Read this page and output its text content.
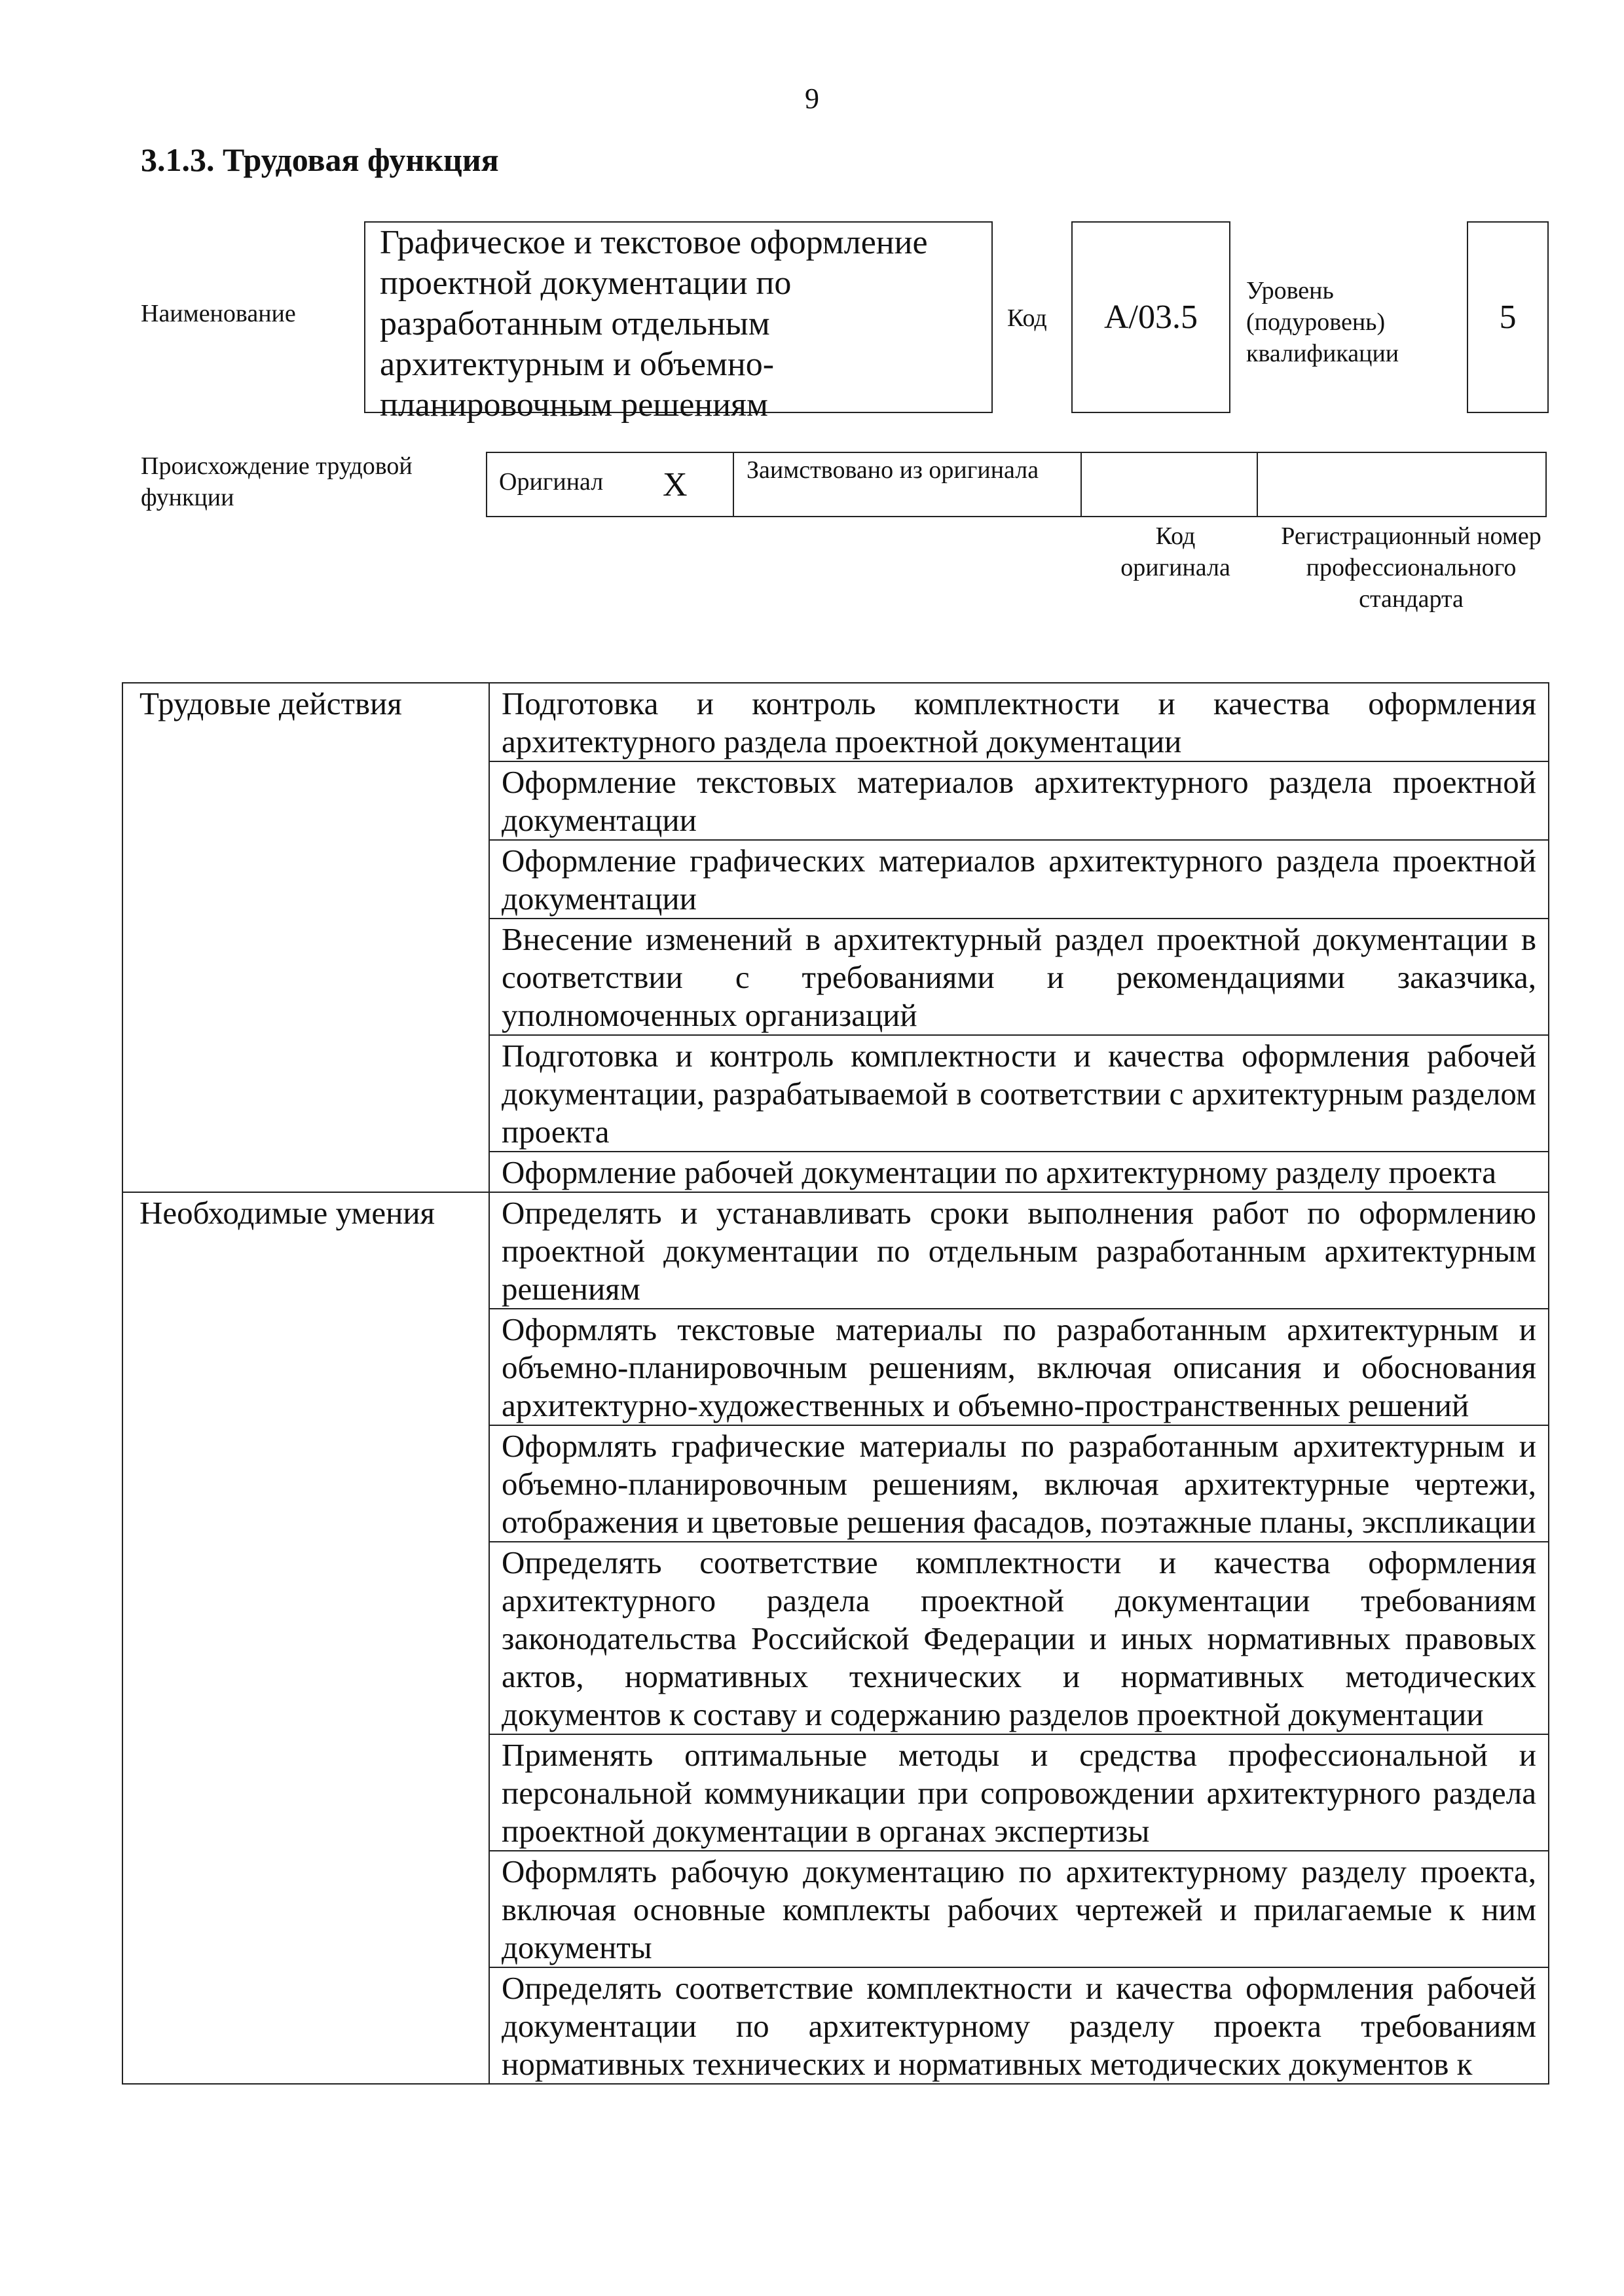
9
3.1.3. Трудовая функция
Наименование
Графическое и текстовое оформление проектной документации по разработанным отдельным архитектурным и объемно-планировочным решениям
Код	А/03.5
Уровень (подуровень) квалификации
5
Происхождение трудовой функции
Оригинал X Заимствовано из оригинала
Код оригинала
Регистрационный номер профессионального стандарта
Трудовые действия	Подготовка и контроль комплектности и качества оформления архитектурного раздела проектной документации
	Оформление текстовых материалов архитектурного раздела проектной документации
	Оформление графических материалов архитектурного раздела проектной документации
	Внесение изменений в архитектурный раздел проектной документации в соответствии с требованиями и рекомендациями заказчика, уполномоченных организаций
	Подготовка и контроль комплектности и качества оформления рабочей документации, разрабатываемой в соответствии с архитектурным разделом проекта
	Оформление рабочей документации по архитектурному разделу проекта
Необходимые умения	Определять и устанавливать сроки выполнения работ по оформлению проектной документации по отдельным разработанным архитектурным решениям
	Оформлять текстовые материалы по разработанным архитектурным и объемно-планировочным решениям, включая описания и обоснования архитектурно-художественных и объемно-пространственных решений
	Оформлять графические материалы по разработанным архитектурным и объемно-планировочным решениям, включая архитектурные чертежи, отображения и цветовые решения фасадов, поэтажные планы, экспликации
	Определять соответствие комплектности и качества оформления архитектурного раздела проектной документации требованиям законодательства Российской Федерации и иных нормативных правовых актов, нормативных технических и нормативных методических документов к составу и содержанию разделов проектной документации
	Применять оптимальные методы и средства профессиональной и персональной коммуникации при сопровождении архитектурного раздела проектной документации в органах экспертизы
	Оформлять рабочую документацию по архитектурному разделу проекта, включая основные комплекты рабочих чертежей и прилагаемые к ним документы
	Определять соответствие комплектности и качества оформления рабочей документации по архитектурному разделу проекта требованиям нормативных технических и нормативных методических документов к
